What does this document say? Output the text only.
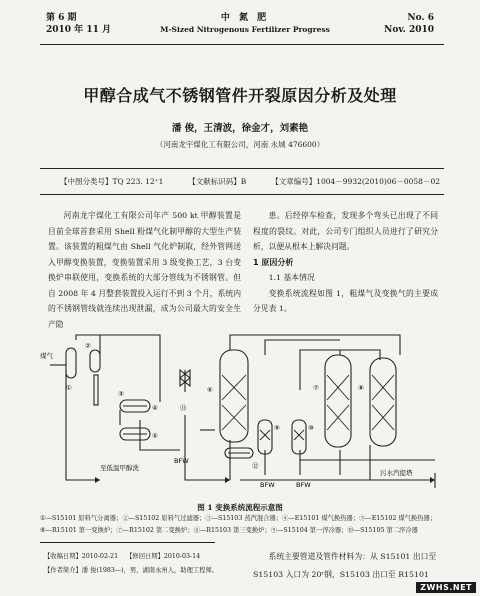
第 6 期
2010 年 11 月
中 氮 肥
M-Sized Nitrogenous Fertilizer Progress
No. 6
Nov. 2010
甲醇合成气不锈钢管件开裂原因分析及处理
潘 俊，王清波，徐金才，刘素艳
（河南龙宇煤化工有限公司，河南 永城 476600）
【中图分类号】TQ 223. 12⁺1	【文献标识码】B	【文章编号】1004－9932(2010)06－0058－02

河南龙宇煤化工有限公司年产 500 kt 甲醇装置是目前全球首套采用 Shell 粉煤气化制甲醇的大型生产装置。该装置的粗煤气由 Shell 气化炉制取，经外管网送入甲醇变换装置，变换装置采用 3 级变换工艺，3 台变换炉串联使用，变换系统的大部分管线为不锈钢管。但自 2008 年 4 月整套装置投入运行不到 3 个月，系统内的不锈钢管线就连续出现泄漏，成为公司最大的安全生产隐

患。后经停车检查，发现多个弯头已出现了不同程度的裂纹。对此，公司专门组织人员进行了研究分析，以便从根本上解决问题。

1 原因分析

1.1 基本情况

变换系统流程如图 1，粗煤气及变换气的主要成分见表 1。

煤气
①
②
③
④
⑤
⑥	⑦	⑧
⑨	⑩
⑪
⑫
BFW
BFW	BFW
至低温甲醇洗
污水汽提塔
图 1 变换系统流程示意图
①—S15101 原料气分离器；②—S15102 原料气过滤器；③—S15103 蒸汽混合器；④—E15101 煤气换热器；⑤—E15102 煤气换热器；
⑥—R15101 第一变换炉；⑦—R15102 第二变换炉；⑧—R15103 第三变换炉；⑨—S15104 第一淬冷器；⑩—S15105 第二淬冷器
【收稿日期】2010-02-21 【修回日期】2010-03-14
【作者简介】潘 俊(1983—)，男，湖南永州人，助理工程师。
系统主要管道及管件材料为：从 S15101 出口至 S15103 入口为 20ʳ钢，S15103 出口至 R15101
ZWHS.NET
